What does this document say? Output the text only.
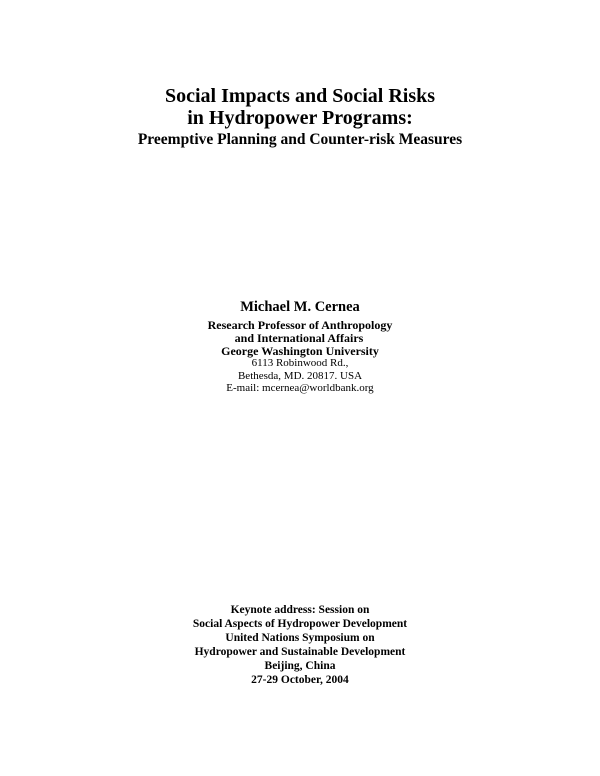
Social Impacts and Social Risks
in Hydropower Programs:
Preemptive Planning and Counter-risk Measures
Michael M. Cernea
Research Professor of Anthropology
and International Affairs
George Washington University
6113 Robinwood Rd.,
Bethesda, MD. 20817. USA
E-mail: mcernea@worldbank.org
Keynote address: Session on
Social Aspects of Hydropower Development
United Nations Symposium on
Hydropower and Sustainable Development
Beijing, China
27-29 October, 2004
